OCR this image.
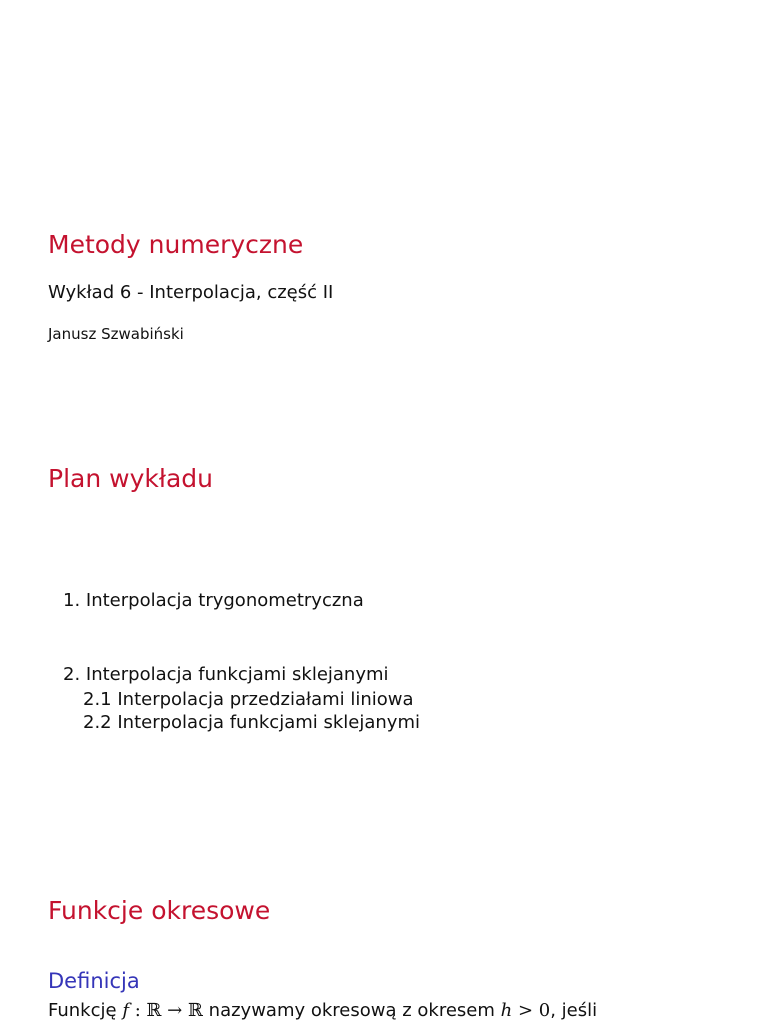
Metody numeryczne
Wykład 6 - Interpolacja, część II
Janusz Szwabiński
Plan wykładu
1. Interpolacja trygonometryczna
2. Interpolacja funkcjami sklejanymi
2.1 Interpolacja przedziałami liniowa
2.2 Interpolacja funkcjami sklejanymi
Funkcje okresowe
Definicja
Funkcję f : ℝ → ℝ nazywamy okresową z okresem h > 0, jeśli
